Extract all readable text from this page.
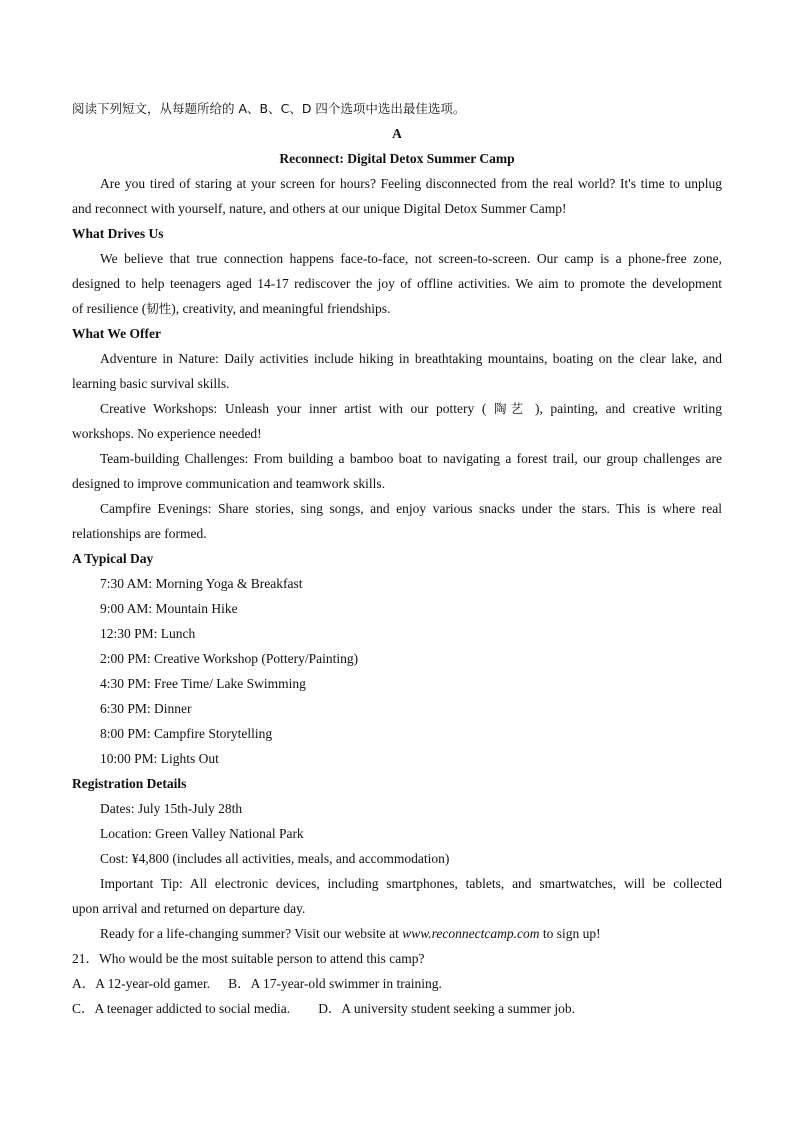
阅读下列短文，从每题所给的 A、B、C、D 四个选项中选出最佳选项。
A
Reconnect: Digital Detox Summer Camp
Are you tired of staring at your screen for hours? Feeling disconnected from the real world? It's time to unplug
and reconnect with yourself, nature, and others at our unique Digital Detox Summer Camp!
What Drives Us
We believe that true connection happens face-to-face, not screen-to-screen. Our camp is a phone-free zone,
designed to help teenagers aged 14-17 rediscover the joy of offline activities. We aim to promote the development
of resilience (韧性), creativity, and meaningful friendships.
What We Offer
Adventure in Nature: Daily activities include hiking in breathtaking mountains, boating on the clear lake, and
learning basic survival skills.
Creative Workshops: Unleash your inner artist with our pottery ( 陶艺 ), painting, and creative writing
workshops. No experience needed!
Team-building Challenges: From building a bamboo boat to navigating a forest trail, our group challenges are
designed to improve communication and teamwork skills.
Campfire Evenings: Share stories, sing songs, and enjoy various snacks under the stars. This is where real
relationships are formed.
A Typical Day
7:30 AM: Morning Yoga & Breakfast
9:00 AM: Mountain Hike
12:30 PM: Lunch
2:00 PM: Creative Workshop (Pottery/Painting)
4:30 PM: Free Time/ Lake Swimming
6:30 PM: Dinner
8:00 PM: Campfire Storytelling
10:00 PM: Lights Out
Registration Details
Dates: July 15th-July 28th
Location: Green Valley National Park
Cost: ¥4,800 (includes all activities, meals, and accommodation)
Important Tip: All electronic devices, including smartphones, tablets, and smartwatches, will be collected
upon arrival and returned on departure day.
Ready for a life-changing summer? Visit our website at www.reconnectcamp.com to sign up!
21．Who would be the most suitable person to attend this camp?
A．A 12-year-old gamer. B．A 17-year-old swimmer in training.
C．A teenager addicted to social media. D．A university student seeking a summer job.
